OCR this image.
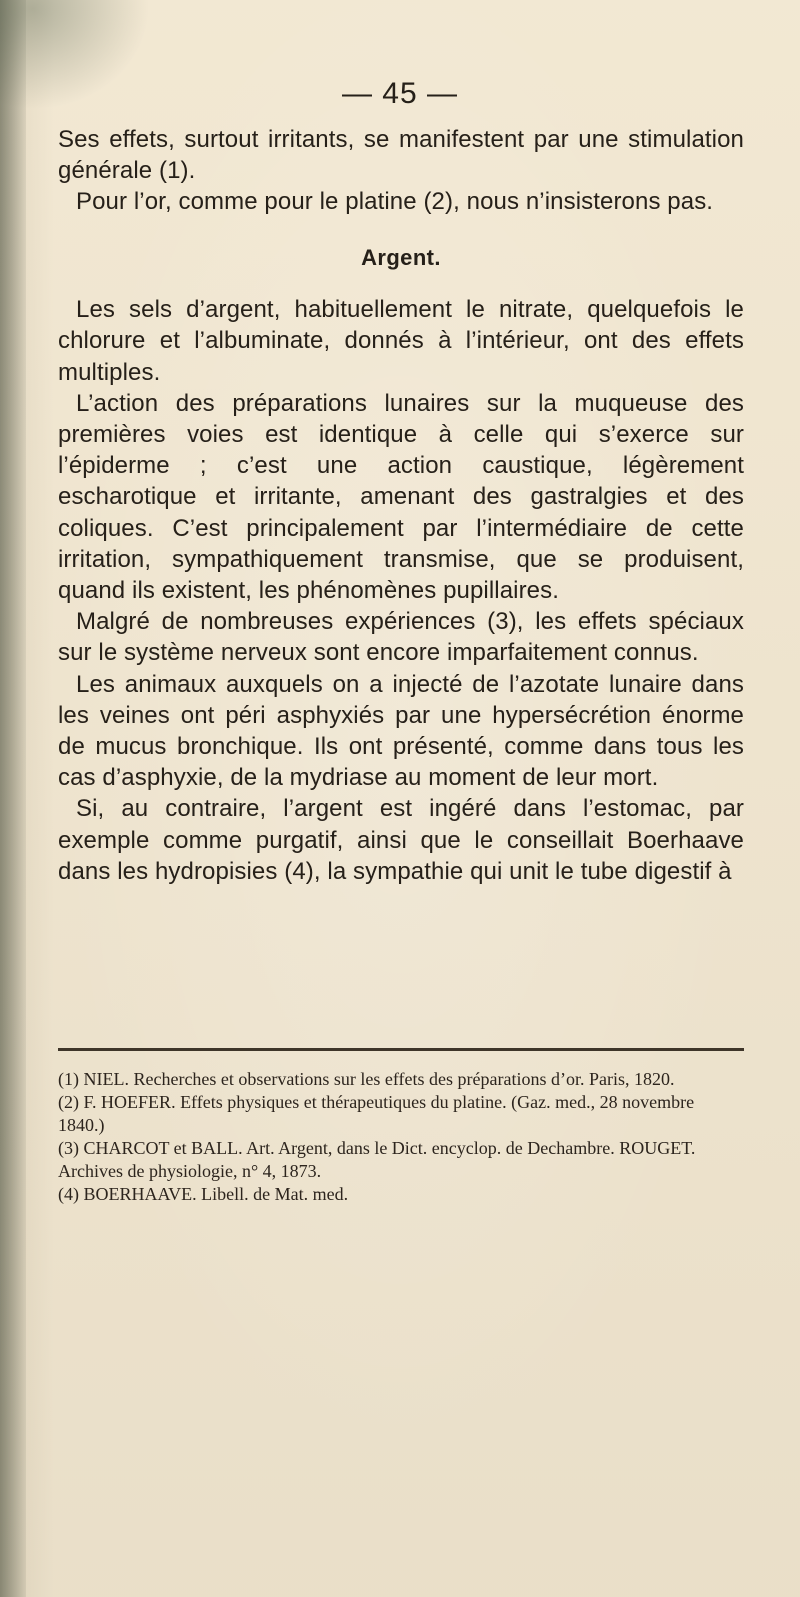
— 45 —

Ses effets, surtout irritants, se manifestent par une stimulation générale (1).

Pour l’or, comme pour le platine (2), nous n’insisterons pas.

Argent.

Les sels d’argent, habituellement le nitrate, quelquefois le chlorure et l’albuminate, donnés à l’intérieur, ont des effets multiples.

L’action des préparations lunaires sur la muqueuse des premières voies est identique à celle qui s’exerce sur l’épiderme ; c’est une action caustique, légèrement escharotique et irritante, amenant des gastralgies et des coliques. C’est principalement par l’intermédiaire de cette irritation, sympathiquement transmise, que se produisent, quand ils existent, les phénomènes pupillaires.

Malgré de nombreuses expériences (3), les effets spéciaux sur le système nerveux sont encore imparfaitement connus.

Les animaux auxquels on a injecté de l’azotate lunaire dans les veines ont péri asphyxiés par une hypersécrétion énorme de mucus bronchique. Ils ont présenté, comme dans tous les cas d’asphyxie, de la mydriase au moment de leur mort.

Si, au contraire, l’argent est ingéré dans l’estomac, par exemple comme purgatif, ainsi que le conseillait Boerhaave dans les hydropisies (4), la sympathie qui unit le tube digestif à

(1) NIEL. Recherches et observations sur les effets des préparations d’or. Paris, 1820.

(2) F. HOEFER. Effets physiques et thérapeutiques du platine. (Gaz. med., 28 novembre 1840.)

(3) CHARCOT et BALL. Art. Argent, dans le Dict. encyclop. de Dechambre. ROUGET. Archives de physiologie, n° 4, 1873.

(4) BOERHAAVE. Libell. de Mat. med.
